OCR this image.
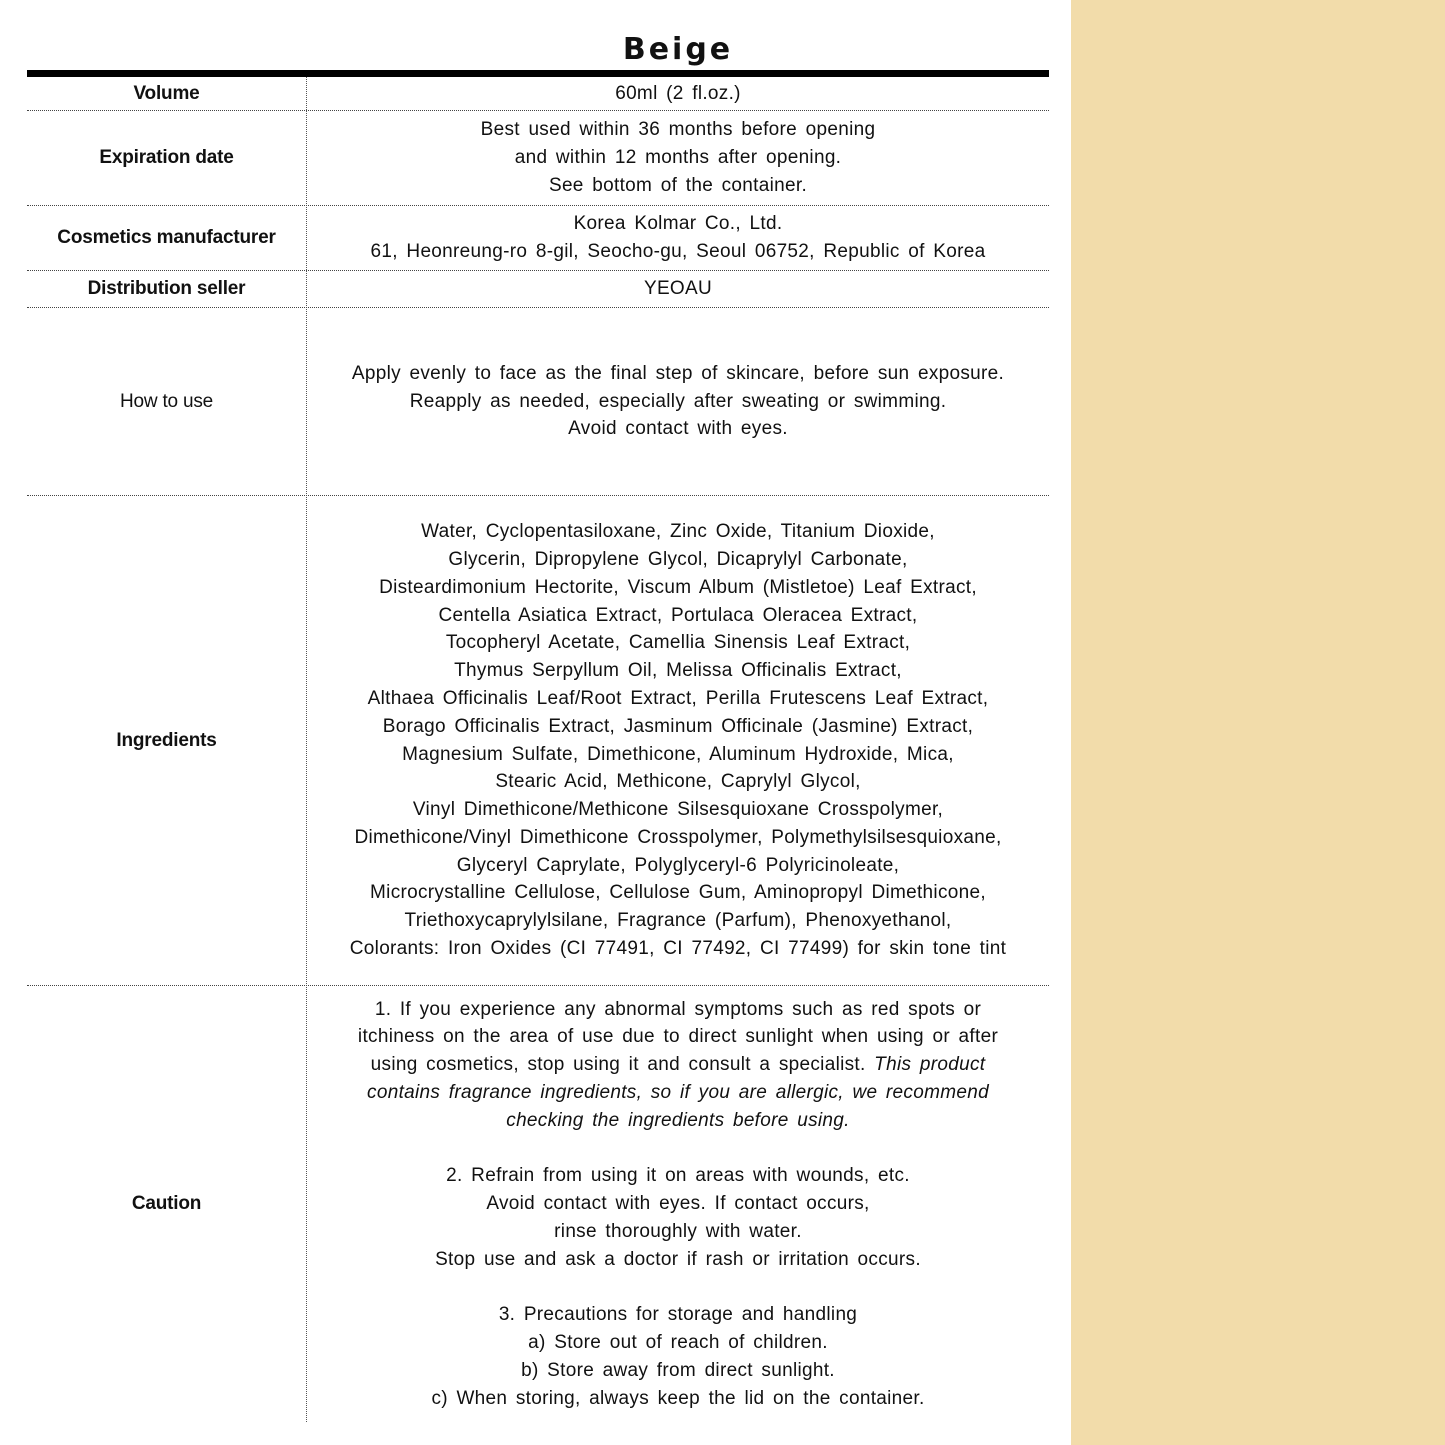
Beige
Volume	60ml (2 fl.oz.)
Expiration date
Best used within 36 months before opening
and within 12 months after opening.
See bottom of the container.
Cosmetics manufacturer
Korea Kolmar Co., Ltd.
61, Heonreung-ro 8-gil, Seocho-gu, Seoul 06752, Republic of Korea
Distribution seller	YEOAU
How to use
Apply evenly to face as the final step of skincare, before sun exposure.
Reapply as needed, especially after sweating or swimming.
Avoid contact with eyes.
Ingredients
Water, Cyclopentasiloxane, Zinc Oxide, Titanium Dioxide,
Glycerin, Dipropylene Glycol, Dicaprylyl Carbonate,
Disteardimonium Hectorite, Viscum Album (Mistletoe) Leaf Extract,
Centella Asiatica Extract, Portulaca Oleracea Extract,
Tocopheryl Acetate, Camellia Sinensis Leaf Extract,
Thymus Serpyllum Oil, Melissa Officinalis Extract,
Althaea Officinalis Leaf/Root Extract, Perilla Frutescens Leaf Extract,
Borago Officinalis Extract, Jasminum Officinale (Jasmine) Extract,
Magnesium Sulfate, Dimethicone, Aluminum Hydroxide, Mica,
Stearic Acid, Methicone, Caprylyl Glycol,
Vinyl Dimethicone/Methicone Silsesquioxane Crosspolymer,
Dimethicone/Vinyl Dimethicone Crosspolymer, Polymethylsilsesquioxane,
Glyceryl Caprylate, Polyglyceryl-6 Polyricinoleate,
Microcrystalline Cellulose, Cellulose Gum, Aminopropyl Dimethicone,
Triethoxycaprylylsilane, Fragrance (Parfum), Phenoxyethanol,
Colorants: Iron Oxides (CI 77491, CI 77492, CI 77499) for skin tone tint
Caution
1. If you experience any abnormal symptoms such as red spots or
itchiness on the area of use due to direct sunlight when using or after
using cosmetics, stop using it and consult a specialist. This product
contains fragrance ingredients, so if you are allergic, we recommend
checking the ingredients before using.
2. Refrain from using it on areas with wounds, etc.
Avoid contact with eyes. If contact occurs,
rinse thoroughly with water.
Stop use and ask a doctor if rash or irritation occurs.
3. Precautions for storage and handling
a) Store out of reach of children.
b) Store away from direct sunlight.
c) When storing, always keep the lid on the container.
